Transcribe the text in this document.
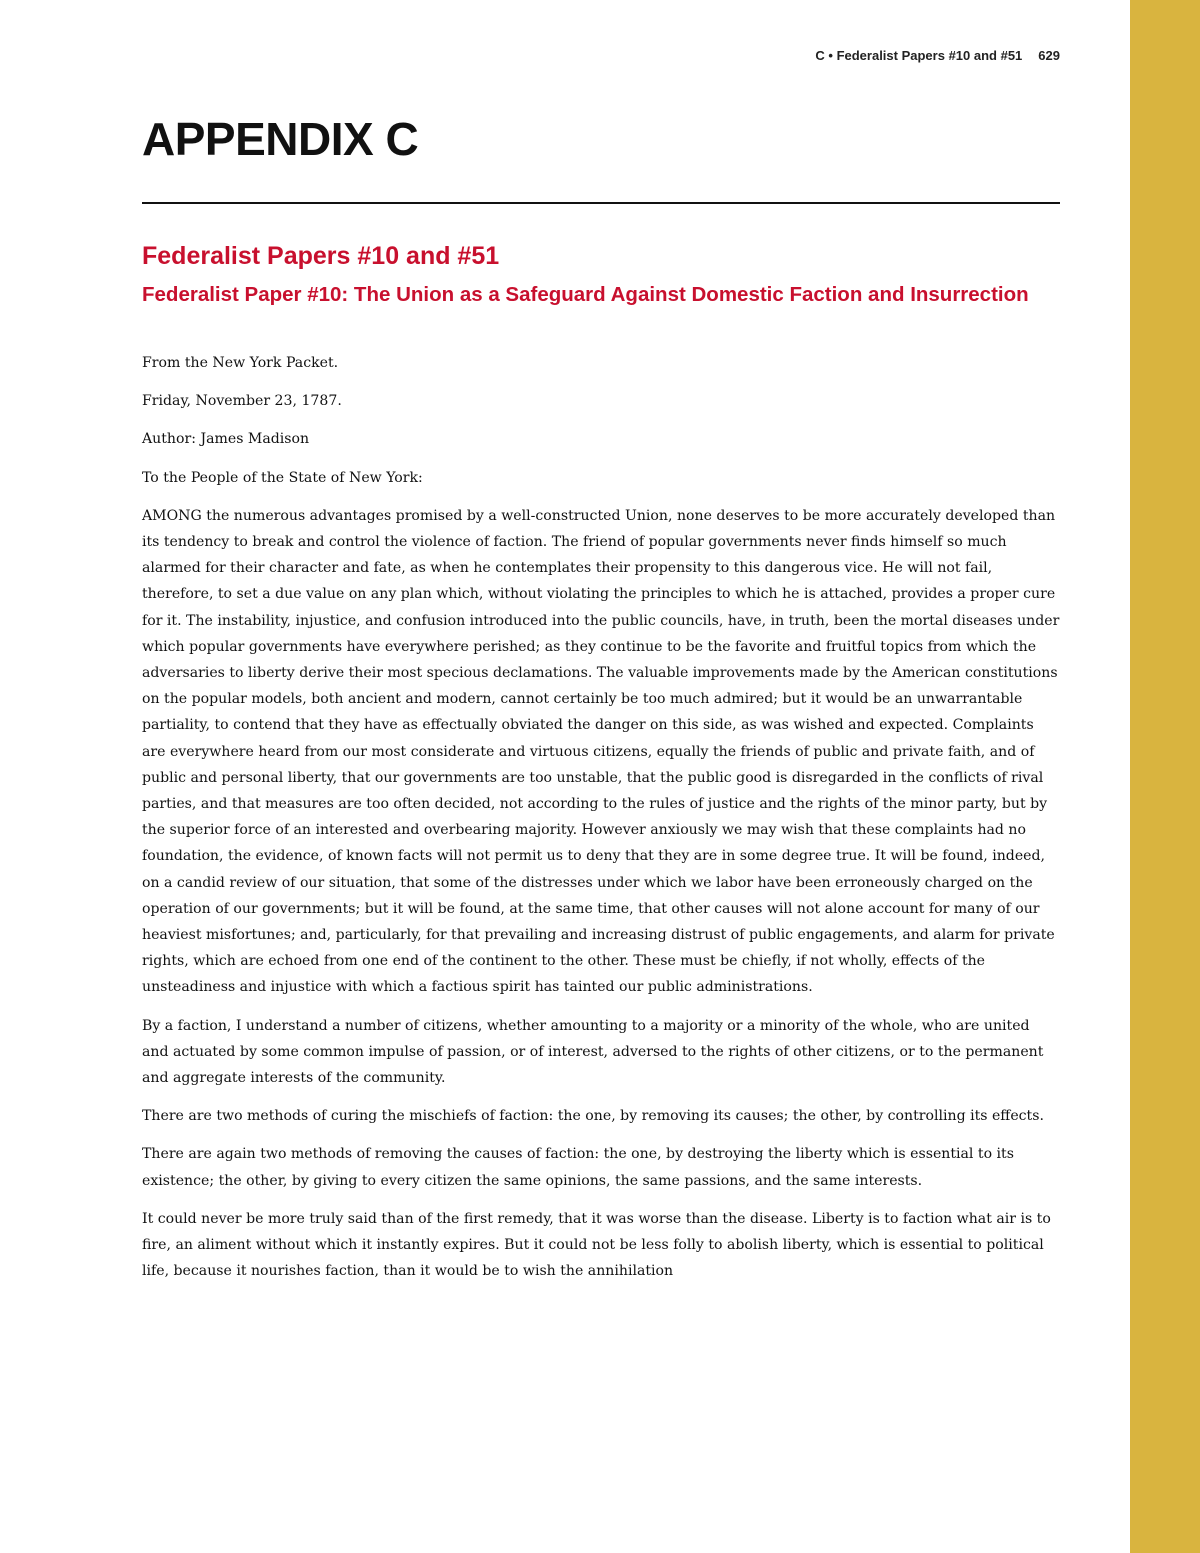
C • Federalist Papers #10 and #51 629
APPENDIX C
Federalist Papers #10 and #51
Federalist Paper #10: The Union as a Safeguard Against Domestic Faction and Insurrection

From the New York Packet.

Friday, November 23, 1787.

Author: James Madison

To the People of the State of New York:

AMONG the numerous advantages promised by a well-constructed Union, none deserves to be more accurately developed than its tendency to break and control the violence of faction. The friend of popular governments never finds himself so much alarmed for their character and fate, as when he contemplates their propensity to this dangerous vice. He will not fail, therefore, to set a due value on any plan which, without violating the principles to which he is attached, provides a proper cure for it. The instability, injustice, and confusion introduced into the public councils, have, in truth, been the mortal diseases under which popular governments have everywhere perished; as they continue to be the favorite and fruitful topics from which the adversaries to liberty derive their most specious declamations. The valuable improvements made by the American constitutions on the popular models, both ancient and modern, cannot certainly be too much admired; but it would be an unwarrantable partiality, to contend that they have as effectually obviated the danger on this side, as was wished and expected. Complaints are everywhere heard from our most considerate and virtuous citizens, equally the friends of public and private faith, and of public and personal liberty, that our governments are too unstable, that the public good is disregarded in the conflicts of rival parties, and that measures are too often decided, not according to the rules of justice and the rights of the minor party, but by the superior force of an interested and overbearing majority. However anxiously we may wish that these complaints had no foundation, the evidence, of known facts will not permit us to deny that they are in some degree true. It will be found, indeed, on a candid review of our situation, that some of the distresses under which we labor have been erroneously charged on the operation of our governments; but it will be found, at the same time, that other causes will not alone account for many of our heaviest misfortunes; and, particularly, for that prevailing and increasing distrust of public engagements, and alarm for private rights, which are echoed from one end of the continent to the other. These must be chiefly, if not wholly, effects of the unsteadiness and injustice with which a factious spirit has tainted our public administrations.

By a faction, I understand a number of citizens, whether amounting to a majority or a minority of the whole, who are united and actuated by some common impulse of passion, or of interest, adversed to the rights of other citizens, or to the permanent and aggregate interests of the community.

There are two methods of curing the mischiefs of faction: the one, by removing its causes; the other, by controlling its effects.

There are again two methods of removing the causes of faction: the one, by destroying the liberty which is essential to its existence; the other, by giving to every citizen the same opinions, the same passions, and the same interests.

It could never be more truly said than of the first remedy, that it was worse than the disease. Liberty is to faction what air is to fire, an aliment without which it instantly expires. But it could not be less folly to abolish liberty, which is essential to political life, because it nourishes faction, than it would be to wish the annihilation
